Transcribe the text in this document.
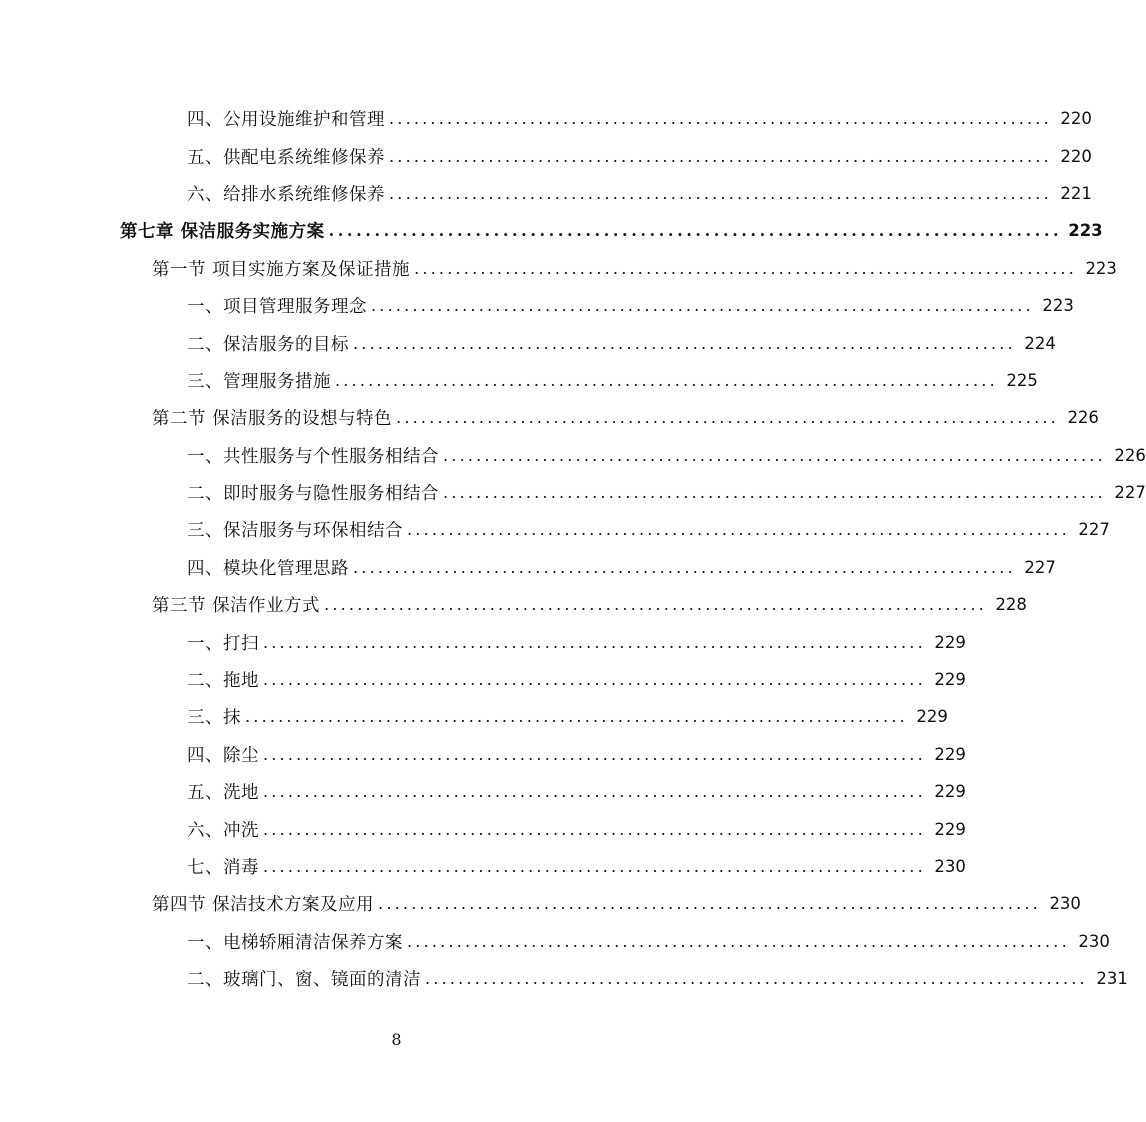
四、公用设施维护和管理 ................................................................................ 220
五、供配电系统维修保养 ................................................................................ 220
六、给排水系统维修保养 ................................................................................ 221
第七章 保洁服务实施方案 ................................................................................ 223
第一节 项目实施方案及保证措施 ................................................................................ 223
一、项目管理服务理念 ................................................................................ 223
二、保洁服务的目标 ................................................................................ 224
三、管理服务措施 ................................................................................ 225
第二节 保洁服务的设想与特色 ................................................................................ 226
一、共性服务与个性服务相结合 ................................................................................ 226
二、即时服务与隐性服务相结合 ................................................................................ 227
三、保洁服务与环保相结合 ................................................................................ 227
四、模块化管理思路 ................................................................................ 227
第三节 保洁作业方式 ................................................................................ 228
一、打扫 ................................................................................ 229
二、拖地 ................................................................................ 229
三、抹 ................................................................................ 229
四、除尘 ................................................................................ 229
五、洗地 ................................................................................ 229
六、冲洗 ................................................................................ 229
七、消毒 ................................................................................ 230
第四节 保洁技术方案及应用 ................................................................................ 230
一、电梯轿厢清洁保养方案 ................................................................................ 230
二、玻璃门、窗、镜面的清洁 ................................................................................ 231
8
